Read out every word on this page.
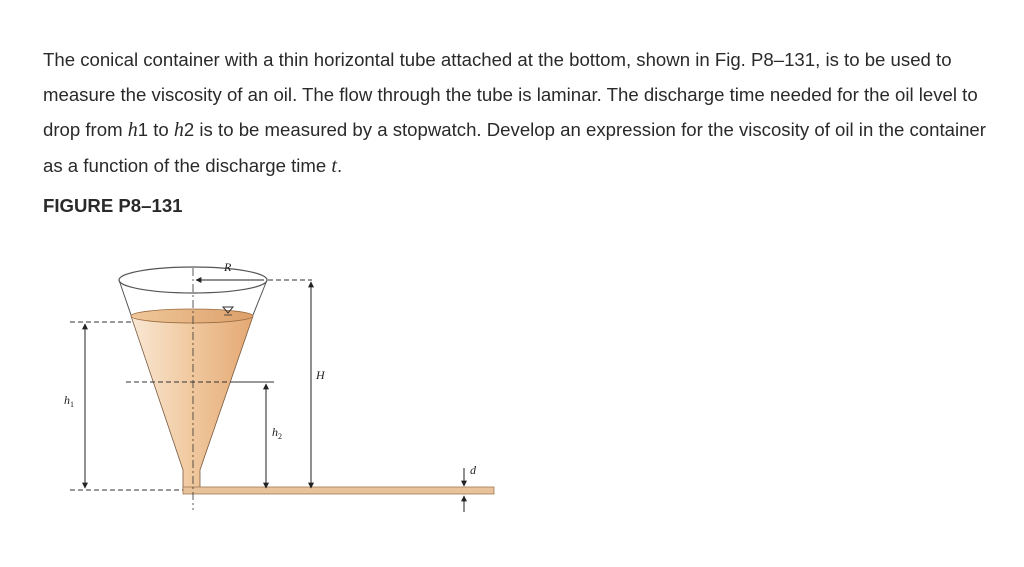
The conical container with a thin horizontal tube attached at the bottom, shown in Fig. P8–131, is to be used to measure the viscosity of an oil. The flow through the tube is laminar. The discharge time needed for the oil level to drop from h1 to h2 is to be measured by a stopwatch. Develop an expression for the viscosity of oil in the container as a function of the discharge time t.

FIGURE P8–131

R
$h_1$
$h_2$
H
d
